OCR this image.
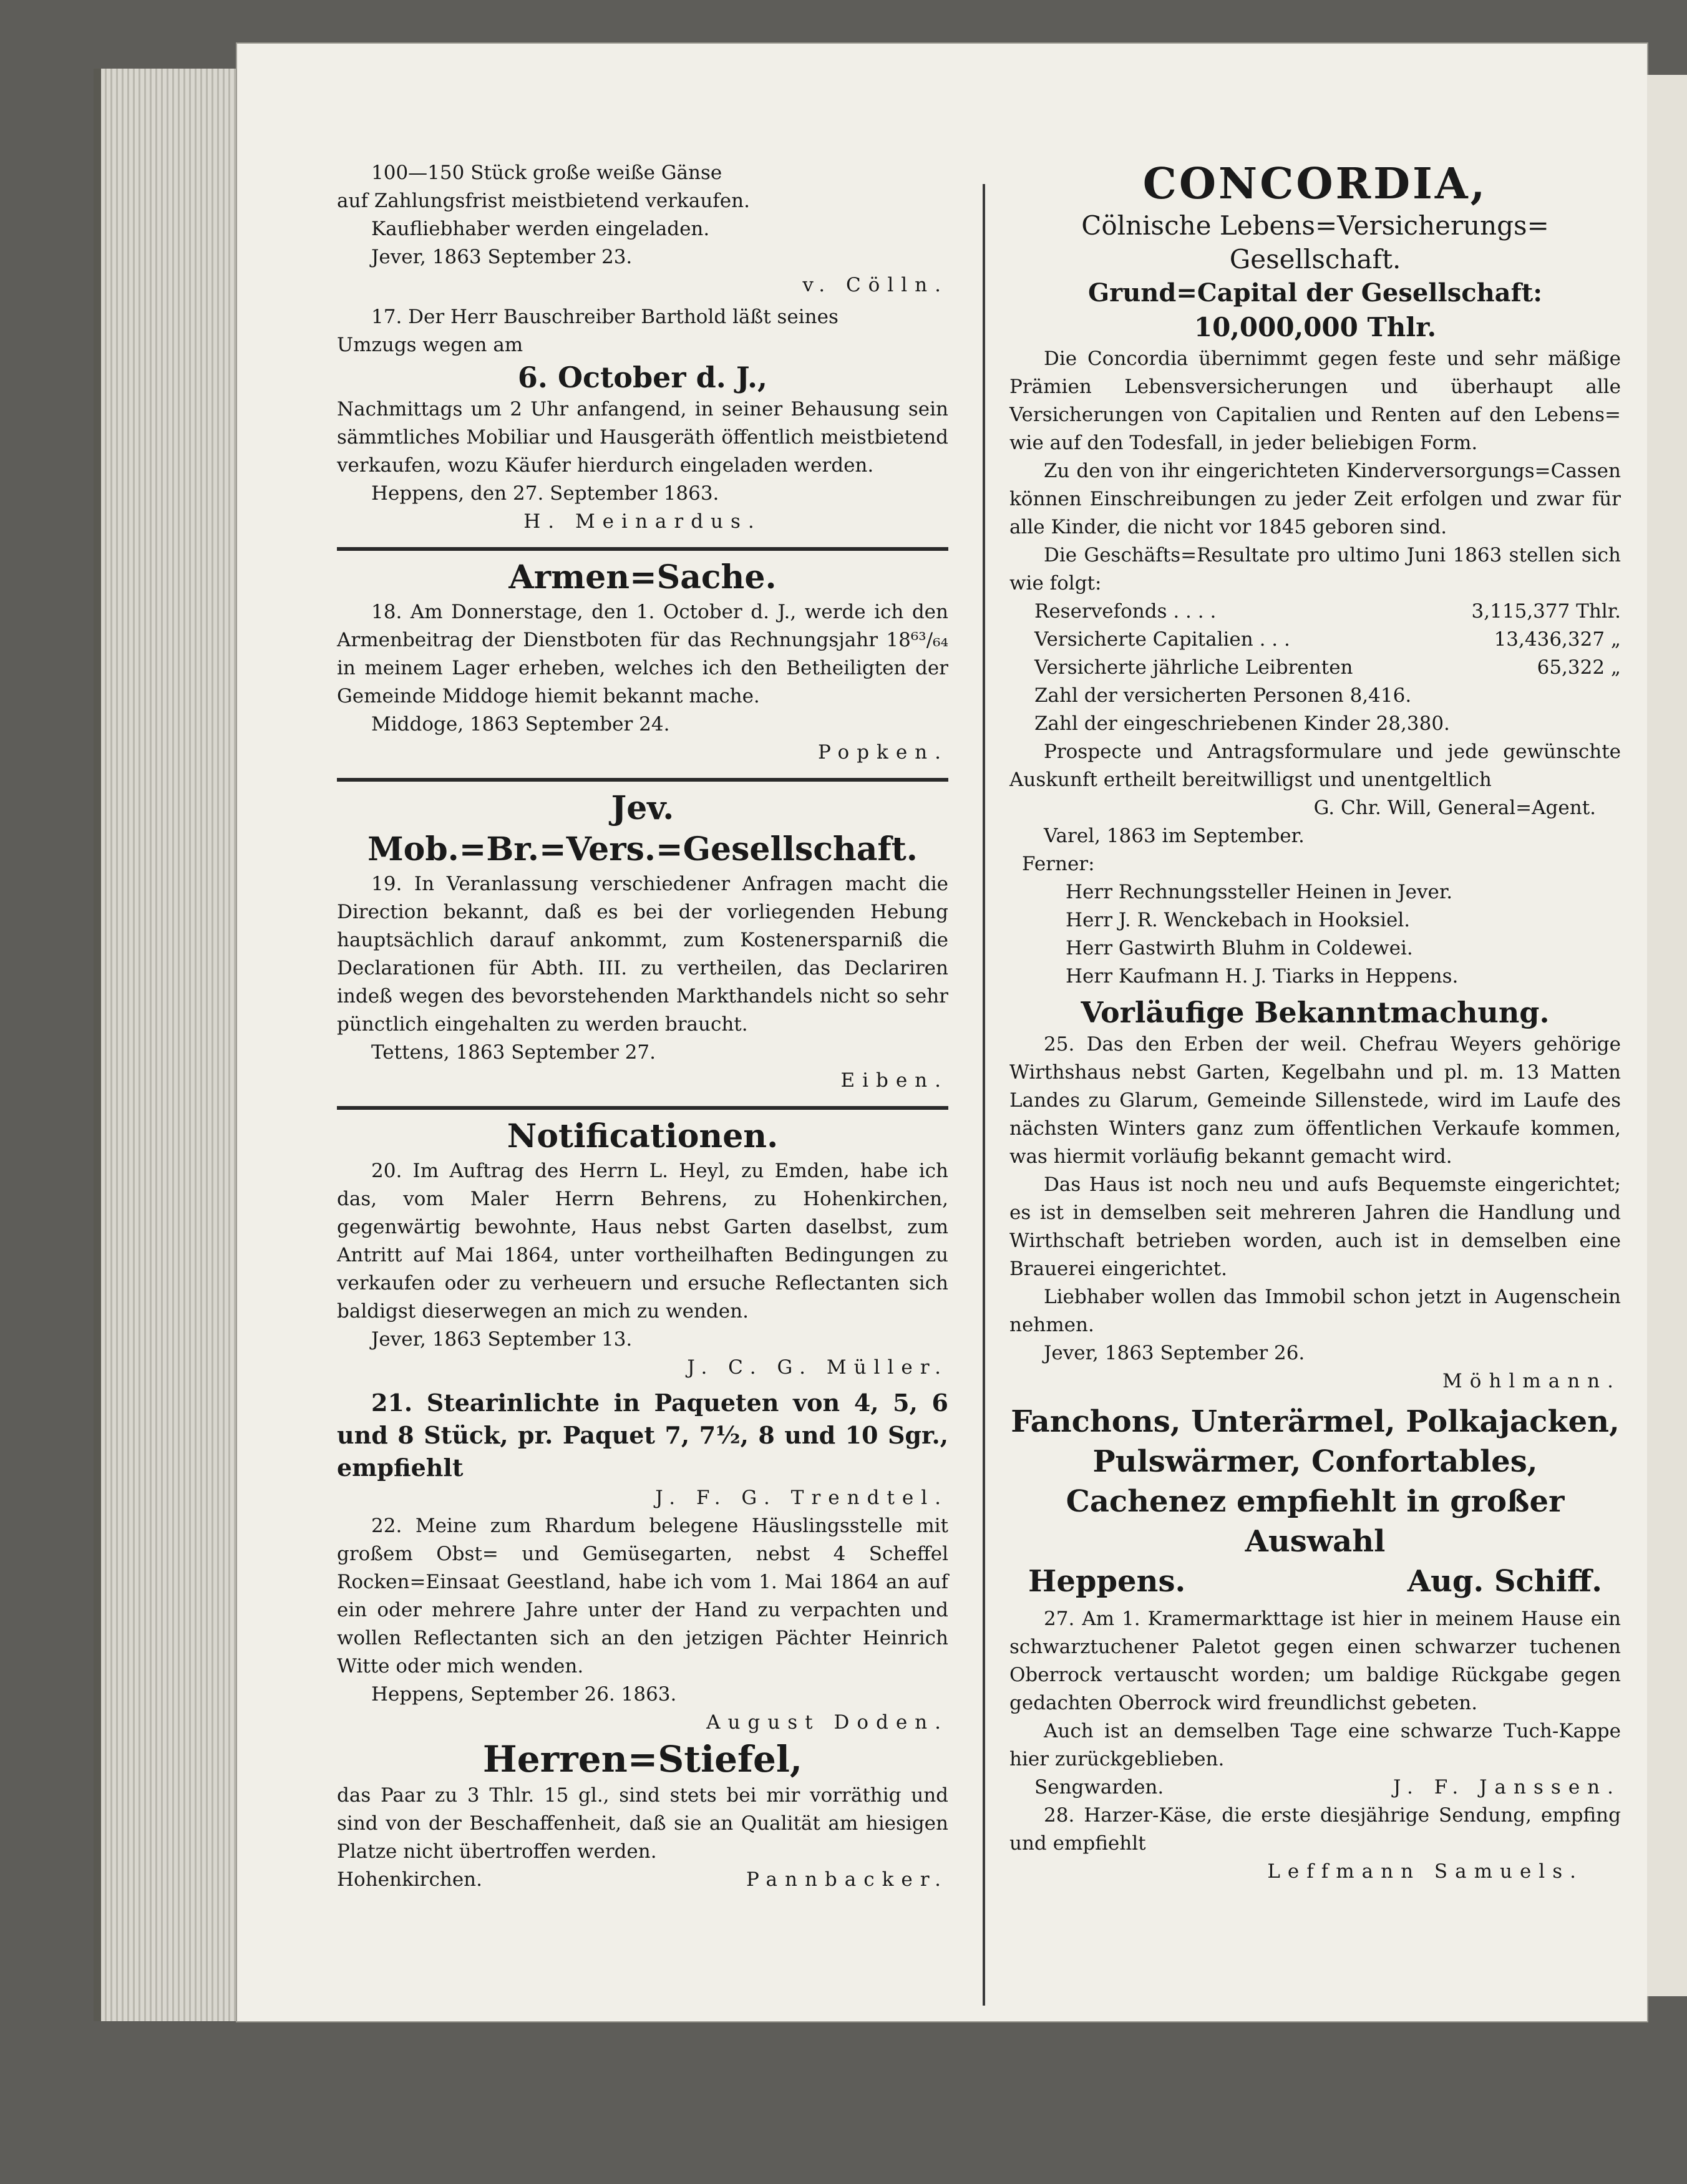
100—150 Stück große weiße Gänse

auf Zahlungsfrist meistbietend verkaufen.

Kaufliebhaber werden eingeladen.

Jever, 1863 September 23.

v. Cölln.

17. Der Herr Bauschreiber Barthold läßt seines

Umzugs wegen am

6. October d. J.,

Nachmittags um 2 Uhr anfangend, in seiner Behausung sein sämmtliches Mobiliar und Hausgeräth öffentlich meistbietend verkaufen, wozu Käufer hierdurch eingeladen werden.

Heppens, den 27. September 1863.

H. Meinardus.

Armen=Sache.

18. Am Donnerstage, den 1. October d. J., werde ich den Armenbeitrag der Dienstboten für das Rechnungsjahr 18⁶³/₆₄ in meinem Lager erheben, welches ich den Betheiligten der Gemeinde Middoge hiemit bekannt mache.

Middoge, 1863 September 24.

Popken.

Jev. Mob.=Br.=Vers.=Gesellschaft.

19. In Veranlassung verschiedener Anfragen macht die Direction bekannt, daß es bei der vorliegenden Hebung hauptsächlich darauf ankommt, zum Kostenersparniß die Declarationen für Abth. III. zu vertheilen, das Declariren indeß wegen des bevorstehenden Markthandels nicht so sehr pünctlich eingehalten zu werden braucht.

Tettens, 1863 September 27.

Eiben.

Notificationen.

20. Im Auftrag des Herrn L. Heyl, zu Emden, habe ich das, vom Maler Herrn Behrens, zu Hohenkirchen, gegenwärtig bewohnte, Haus nebst Garten daselbst, zum Antritt auf Mai 1864, unter vortheilhaften Bedingungen zu verkaufen oder zu verheuern und ersuche Reflectanten sich baldigst dieserwegen an mich zu wenden.

Jever, 1863 September 13.

J. C. G. Müller.

21. Stearinlichte in Paqueten von 4, 5, 6 und 8 Stück, pr. Paquet 7, 7½, 8 und 10 Sgr., empfiehlt

J. F. G. Trendtel.

22. Meine zum Rhardum belegene Häuslingsstelle mit großem Obst= und Gemüsegarten, nebst 4 Scheffel Rocken=Einsaat Geestland, habe ich vom 1. Mai 1864 an auf ein oder mehrere Jahre unter der Hand zu verpachten und wollen Reflectanten sich an den jetzigen Pächter Heinrich Witte oder mich wenden.

Heppens, September 26. 1863.

August Doden.

Herren=Stiefel,

das Paar zu 3 Thlr. 15 gl., sind stets bei mir vorräthig und sind von der Beschaffenheit, daß sie an Qualität am hiesigen Platze nicht übertroffen werden.

Hohenkirchen.	Pannbacker.

CONCORDIA,

Cölnische Lebens=Versicherungs=

Gesellschaft.

Grund=Capital der Gesellschaft:

10,000,000 Thlr.

Die Concordia übernimmt gegen feste und sehr mäßige Prämien Lebensversicherungen und überhaupt alle Versicherungen von Capitalien und Renten auf den Lebens= wie auf den Todesfall, in jeder beliebigen Form.

Zu den von ihr eingerichteten Kinderversorgungs=Cassen können Einschreibungen zu jeder Zeit erfolgen und zwar für alle Kinder, die nicht vor 1845 geboren sind.

Die Geschäfts=Resultate pro ultimo Juni 1863 stellen sich wie folgt:

Reservefonds . . . .	3,115,377 Thlr.
Versicherte Capitalien . . .	13,436,327 „
Versicherte jährliche Leibrenten	65,322 „

Zahl der versicherten Personen 8,416.

Zahl der eingeschriebenen Kinder 28,380.

Prospecte und Antragsformulare und jede gewünschte Auskunft ertheilt bereitwilligst und unentgeltlich

G. Chr. Will, General=Agent.

Varel, 1863 im September.

Ferner:

Herr Rechnungssteller Heinen in Jever.

Herr J. R. Wenckebach in Hooksiel.

Herr Gastwirth Bluhm in Coldewei.

Herr Kaufmann H. J. Tiarks in Heppens.

Vorläufige Bekanntmachung.

25. Das den Erben der weil. Chefrau Weyers gehörige Wirthshaus nebst Garten, Kegelbahn und pl. m. 13 Matten Landes zu Glarum, Gemeinde Sillenstede, wird im Laufe des nächsten Winters ganz zum öffentlichen Verkaufe kommen, was hiermit vorläufig bekannt gemacht wird.

Das Haus ist noch neu und aufs Bequemste eingerichtet; es ist in demselben seit mehreren Jahren die Handlung und Wirthschaft betrieben worden, auch ist in demselben eine Brauerei eingerichtet.

Liebhaber wollen das Immobil schon jetzt in Augenschein nehmen.

Jever, 1863 September 26.

Möhlmann.

Fanchons, Unterärmel, Polkajacken, Pulswärmer, Confortables, Cachenez empfiehlt in großer Auswahl

Heppens.	Aug. Schiff.

27. Am 1. Kramermarkttage ist hier in meinem Hause ein schwarztuchener Paletot gegen einen schwarzer tuchenen Oberrock vertauscht worden; um baldige Rückgabe gegen gedachten Oberrock wird freundlichst gebeten.

Auch ist an demselben Tage eine schwarze Tuch-Kappe hier zurückgeblieben.

Sengwarden.	J. F. Janssen.

28. Harzer-Käse, die erste diesjährige Sendung, empfing und empfiehlt

Leffmann Samuels.
